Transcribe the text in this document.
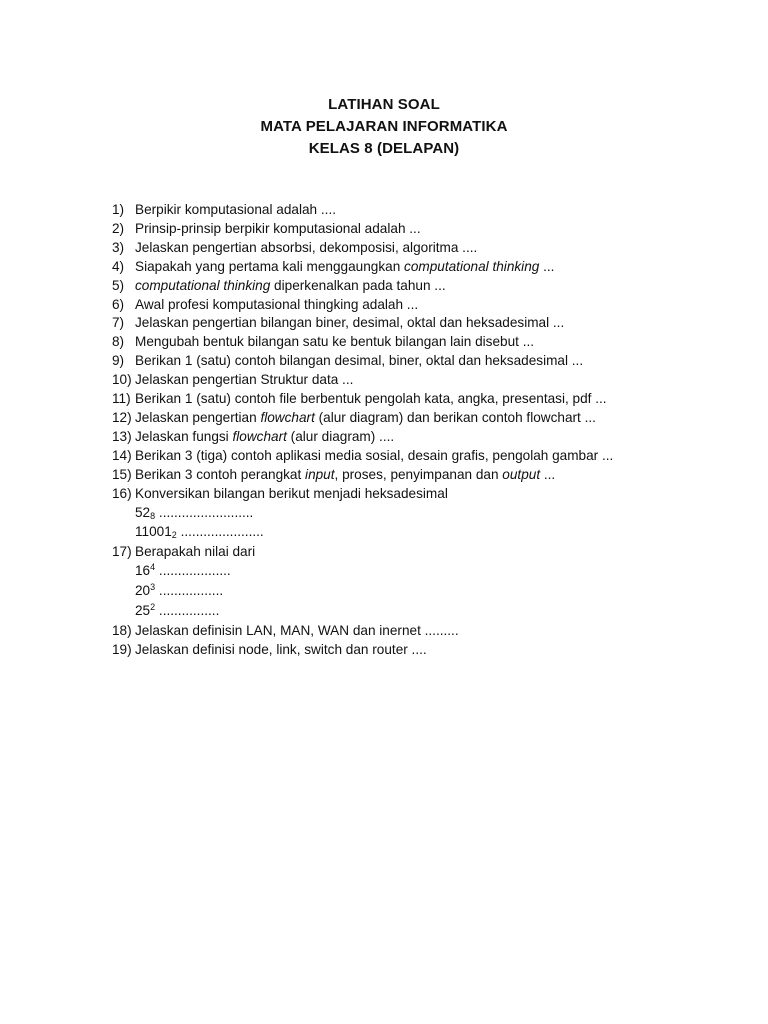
LATIHAN SOAL
MATA PELAJARAN INFORMATIKA
KELAS 8 (DELAPAN)
1) Berpikir komputasional adalah ....
2) Prinsip-prinsip berpikir komputasional adalah ...
3) Jelaskan pengertian absorbsi, dekomposisi, algoritma ....
4) Siapakah yang pertama kali menggaungkan computational thinking ...
5) computational thinking diperkenalkan pada tahun ...
6) Awal profesi komputasional thingking adalah ...
7) Jelaskan pengertian bilangan biner, desimal, oktal dan heksadesimal ...
8) Mengubah bentuk bilangan satu ke bentuk bilangan lain disebut ...
9) Berikan 1 (satu) contoh bilangan desimal, biner, oktal dan heksadesimal ...
10) Jelaskan pengertian Struktur data ...
11) Berikan 1 (satu) contoh file berbentuk pengolah kata, angka, presentasi, pdf ...
12) Jelaskan pengertian flowchart (alur diagram) dan berikan contoh flowchart ...
13) Jelaskan fungsi flowchart (alur diagram) ....
14) Berikan 3 (tiga) contoh aplikasi media sosial, desain grafis, pengolah gambar ...
15) Berikan 3 contoh perangkat input, proses, penyimpanan dan output ...
16) Konversikan bilangan berikut menjadi heksadesimal
528 .........................
110012 ......................
17) Berapakah nilai dari
$16^4$ ...................
$20^3$ .................
$25^2$ ................
18) Jelaskan definisin LAN, MAN, WAN dan inernet .........
19) Jelaskan definisi node, link, switch dan router ....
